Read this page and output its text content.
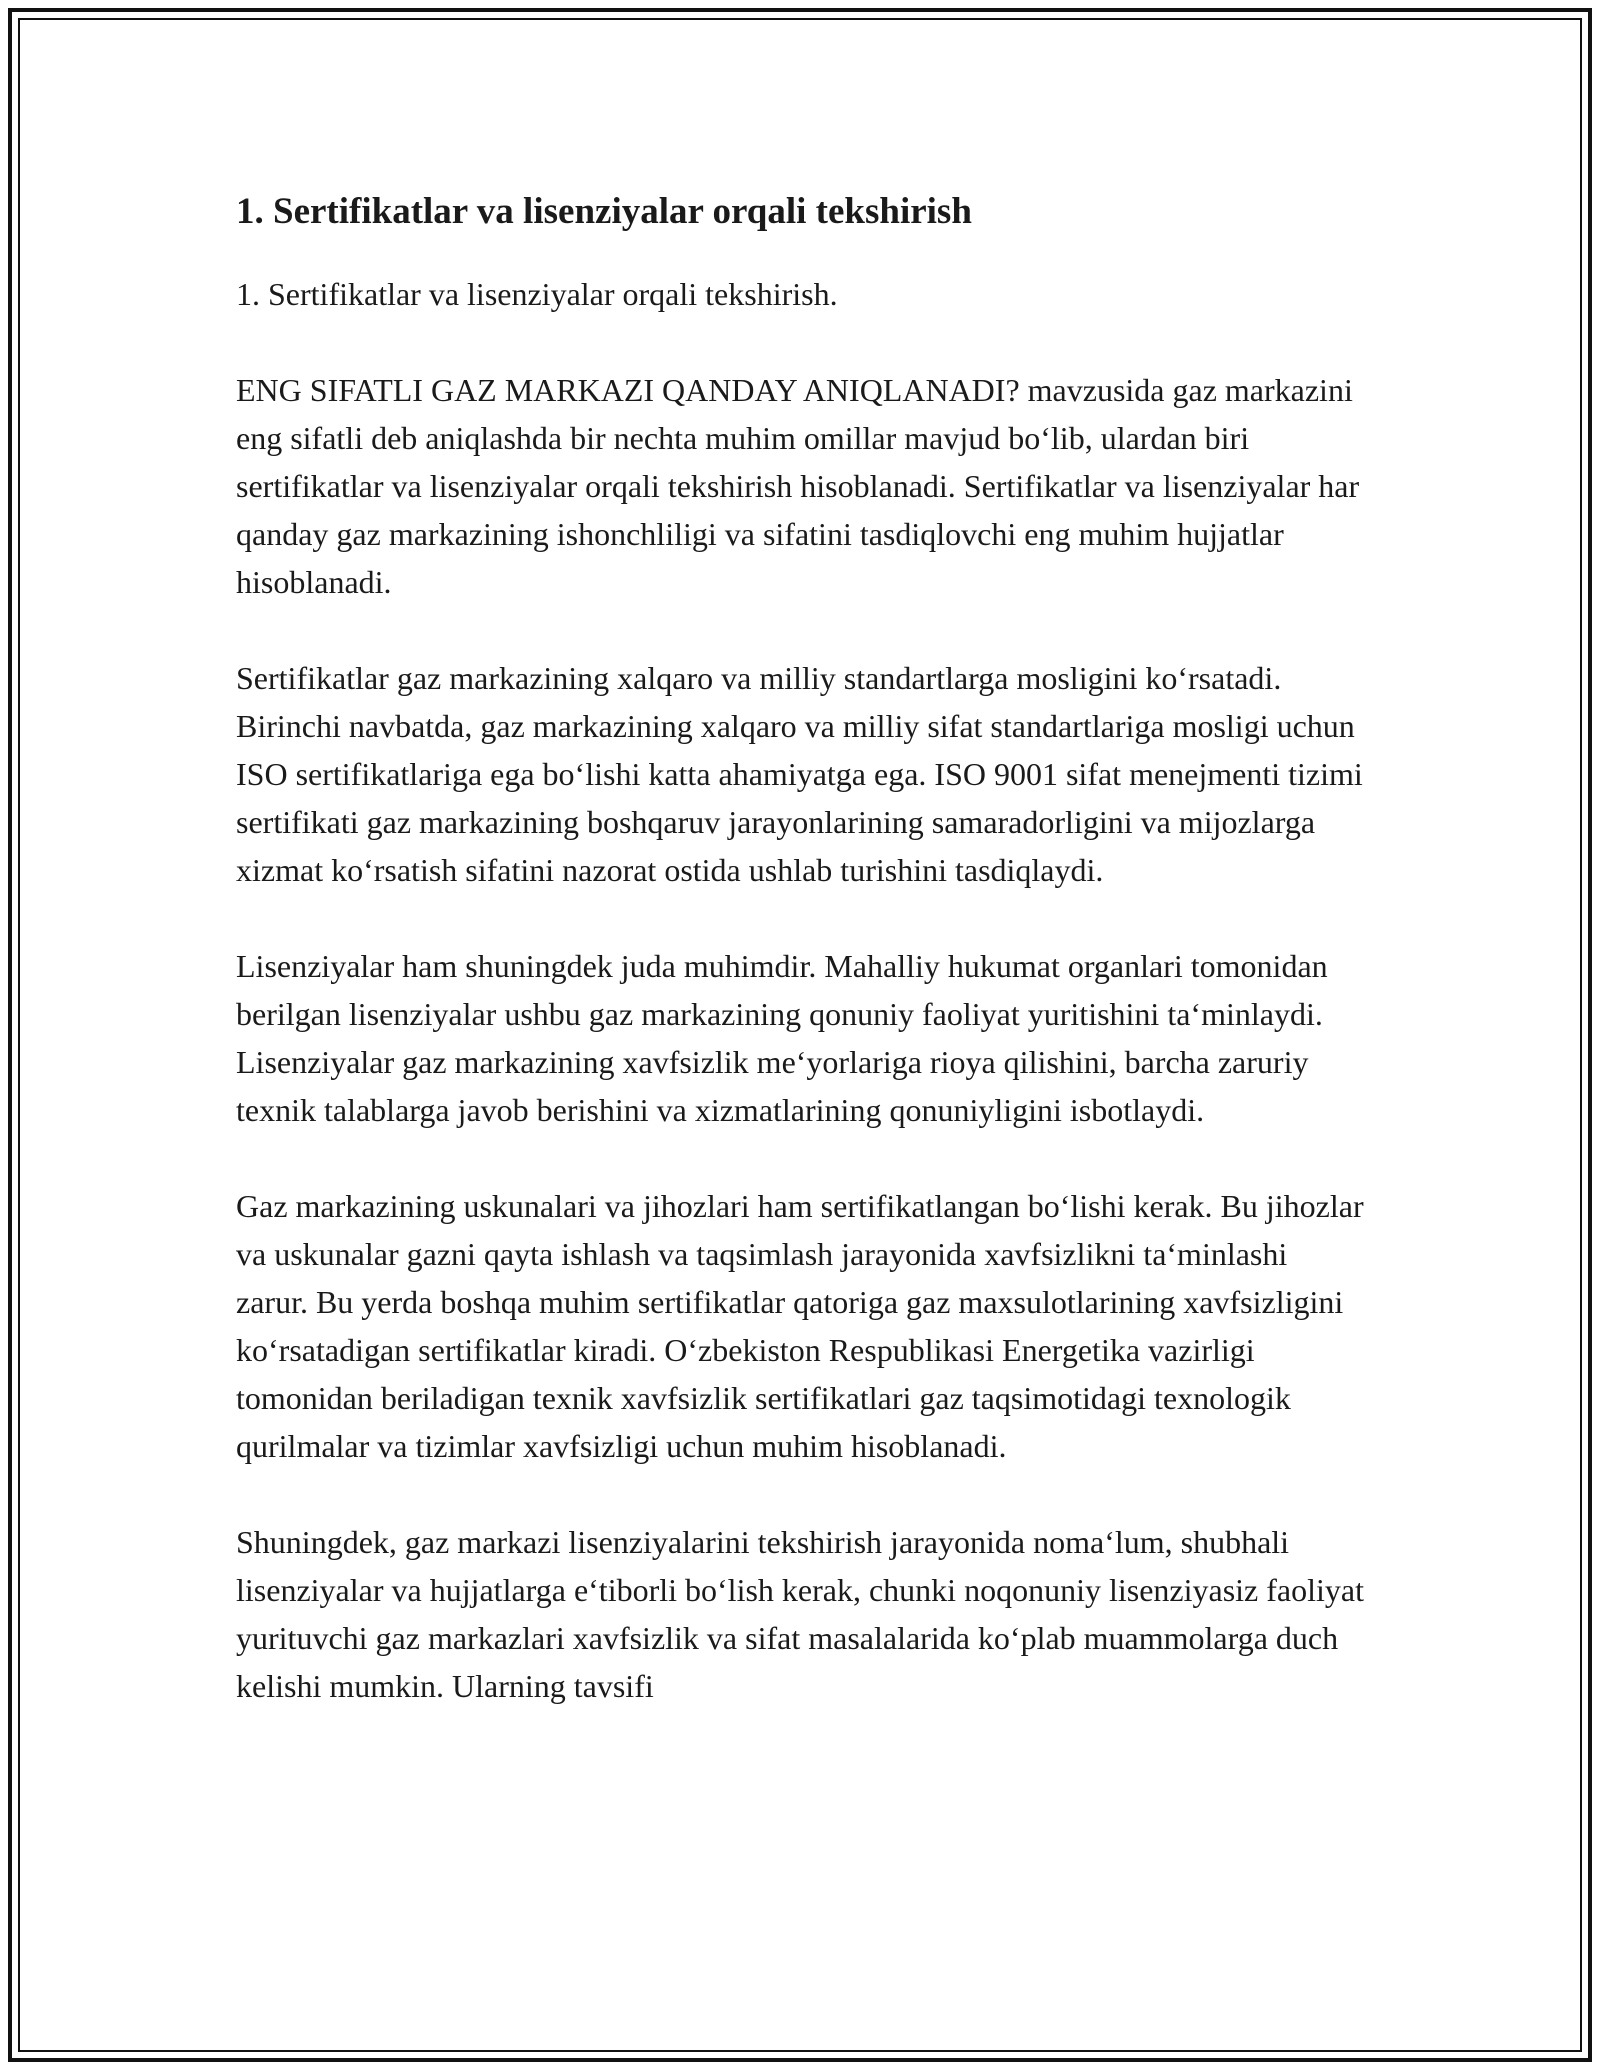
1. Sertifikatlar va lisenziyalar orqali tekshirish

1. Sertifikatlar va lisenziyalar orqali tekshirish.

ENG SIFATLI GAZ MARKAZI QANDAY ANIQLANADI? mavzusida gaz markazini eng sifatli deb aniqlashda bir nechta muhim omillar mavjud bo‘lib, ulardan biri sertifikatlar va lisenziyalar orqali tekshirish hisoblanadi. Sertifikatlar va lisenziyalar har qanday gaz markazining ishonchliligi va sifatini tasdiqlovchi eng muhim hujjatlar hisoblanadi.

Sertifikatlar gaz markazining xalqaro va milliy standartlarga mosligini ko‘rsatadi. Birinchi navbatda, gaz markazining xalqaro va milliy sifat standartlariga mosligi uchun ISO sertifikatlariga ega bo‘lishi katta ahamiyatga ega. ISO 9001 sifat menejmenti tizimi sertifikati gaz markazining boshqaruv jarayonlarining samaradorligini va mijozlarga xizmat ko‘rsatish sifatini nazorat ostida ushlab turishini tasdiqlaydi.

Lisenziyalar ham shuningdek juda muhimdir. Mahalliy hukumat organlari tomonidan berilgan lisenziyalar ushbu gaz markazining qonuniy faoliyat yuritishini ta‘minlaydi. Lisenziyalar gaz markazining xavfsizlik me‘yorlariga rioya qilishini, barcha zaruriy texnik talablarga javob berishini va xizmatlarining qonuniyligini isbotlaydi.

Gaz markazining uskunalari va jihozlari ham sertifikatlangan bo‘lishi kerak. Bu jihozlar va uskunalar gazni qayta ishlash va taqsimlash jarayonida xavfsizlikni ta‘minlashi zarur. Bu yerda boshqa muhim sertifikatlar qatoriga gaz maxsulotlarining xavfsizligini ko‘rsatadigan sertifikatlar kiradi. O‘zbekiston Respublikasi Energetika vazirligi tomonidan beriladigan texnik xavfsizlik sertifikatlari gaz taqsimotidagi texnologik qurilmalar va tizimlar xavfsizligi uchun muhim hisoblanadi.

Shuningdek, gaz markazi lisenziyalarini tekshirish jarayonida noma‘lum, shubhali lisenziyalar va hujjatlarga e‘tiborli bo‘lish kerak, chunki noqonuniy lisenziyasiz faoliyat yurituvchi gaz markazlari xavfsizlik va sifat masalalarida ko‘plab muammolarga duch kelishi mumkin. Ularning tavsifi
